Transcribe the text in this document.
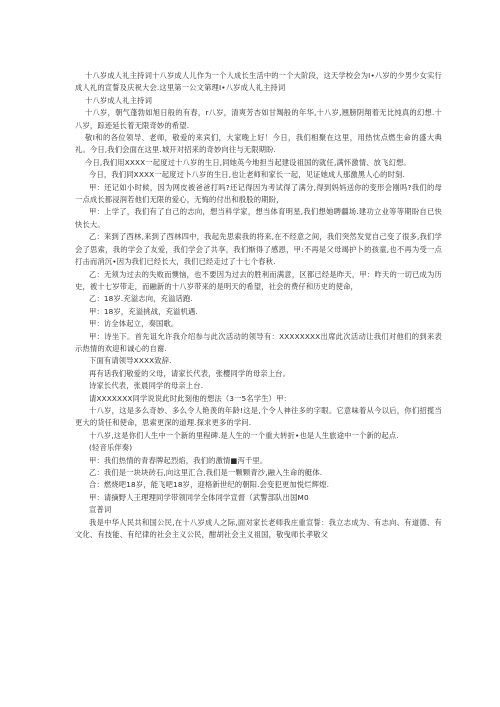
十八岁成人礼主持词十八岁成人儿作为一个人成长生活中的一个大阶段，这天学校会为I•八岁的少男少女实行成人礼的宣誓及庆祝大会.这里第一公文第理I•八岁成人礼主持词

十八岁成人礼主持词

十八岁，朝气蓬勃如旭日般的有春，r八岁，清爽芳杏如甘羯般的年华,十八岁,翘膀阴翔着无比纯真的幻想.十八岁，踪迹延长着无限奇妙的希望.

敬I和的各位领导、老师，敬爱的来宾们，大家晚上好！今日，我们相聚在这里，用热忱点燃生命的盛大典礼。今日,我们会面在这里.城开对招来的奇妙向往与无限期盼.

今日,我们用XXXX一起度过十八岁的生日,同她英今地担当起建设祖国的就任,满怀激情、放飞幻想。

今日，我们同XXXX一起度过卜八岁的生日,也让老师和家长一起，见证她成人那激黑人心的时刻.

甲：还记如小时候，因为网皮被爸爸打吗?还记得因为考试得了满分,得到妈妈送你的变形会刚吗?我们的母一点成长都浸润若他们无限的爱心，无悔的付出和殷股的期盼，

甲：上学了，我们有了自己的志向，想当科学家，想当体育明星,我们想她聘疆场.建功立业等等期盼自已快快长大。

乙：来到了西林,来到了西林四中，我起先思索我的将来,在不经意之间，我们突然发觉自己变了很多,我们学会了思索，我的学会了友爱，我们学会了共享，我们惭得了感恩，甲:不再是父母竭护卜的孩童,也不再为受一点打击而消沉•因为我们已经长大，我们已经走过了十七个春秋.

乙：无须为过去的失败而懊恼，也不要因为过去的胜利而满意，区都已经是昨天，甲：昨天的一切已成为历史，被十七岁带走，而融新的十八岁带来的是明天的希望，社会的费仔和历史的使命，

乙：18岁.充溢志向，充溢话跑.

甲：18岁，充溢挑战，充溢机遇.

甲：访全体起立，奏国歌。

甲：诗坐下。首先诅允许我介绍参与此次活动的领导有：XXXXXXXX出席此次活动让我们对他们的到来表示热情的欢迎和诚心的自谢.

下面有请领导XXXX致辞.

再有话我们敬爱的父母，请家长代表，张樱同学的母亲上台。

诗家长代表，张晨同学的母亲上台.

请XXXXXXX同学说说此时此刻他的想法（3一5名学生）甲：

十八岁，这是多么奇妙、多么令人艳羡的年龄!这是,个令人神往多的字眼。它意味着从今以后，你们招揽当更大的货任和使命，思索更深的道理.探求更多的学问.

十八岁,这是你们人生中一个新的里程碑.是人生的一个重大转折•也是人生旅途中一个新的起点.

(轻音乐伴奏)

甲：我们热情的青春牌起烈焰，我们的激情■泻千里。

乙：我们是一块块砖石,向这里汇合,我们是一颗颗青沙,融入生命的艇体.

合：燃烧吧18岁，能飞吧18岁，迎格新世纪的朝阳.会变犯更加悦烂辉煌.

甲：请摘野人王理理同学带领同学全体同学宣督（武警部队出国M0

宣普词

我是中华人民共和国公民,在十八岁成人之际,面对家长老师我庄重宣誓：我立志成为、有志向、有道德、有文化、有技能、有纪律的社会主义公民，酣胡社会主义祖国，敬曳师长孝敬父
